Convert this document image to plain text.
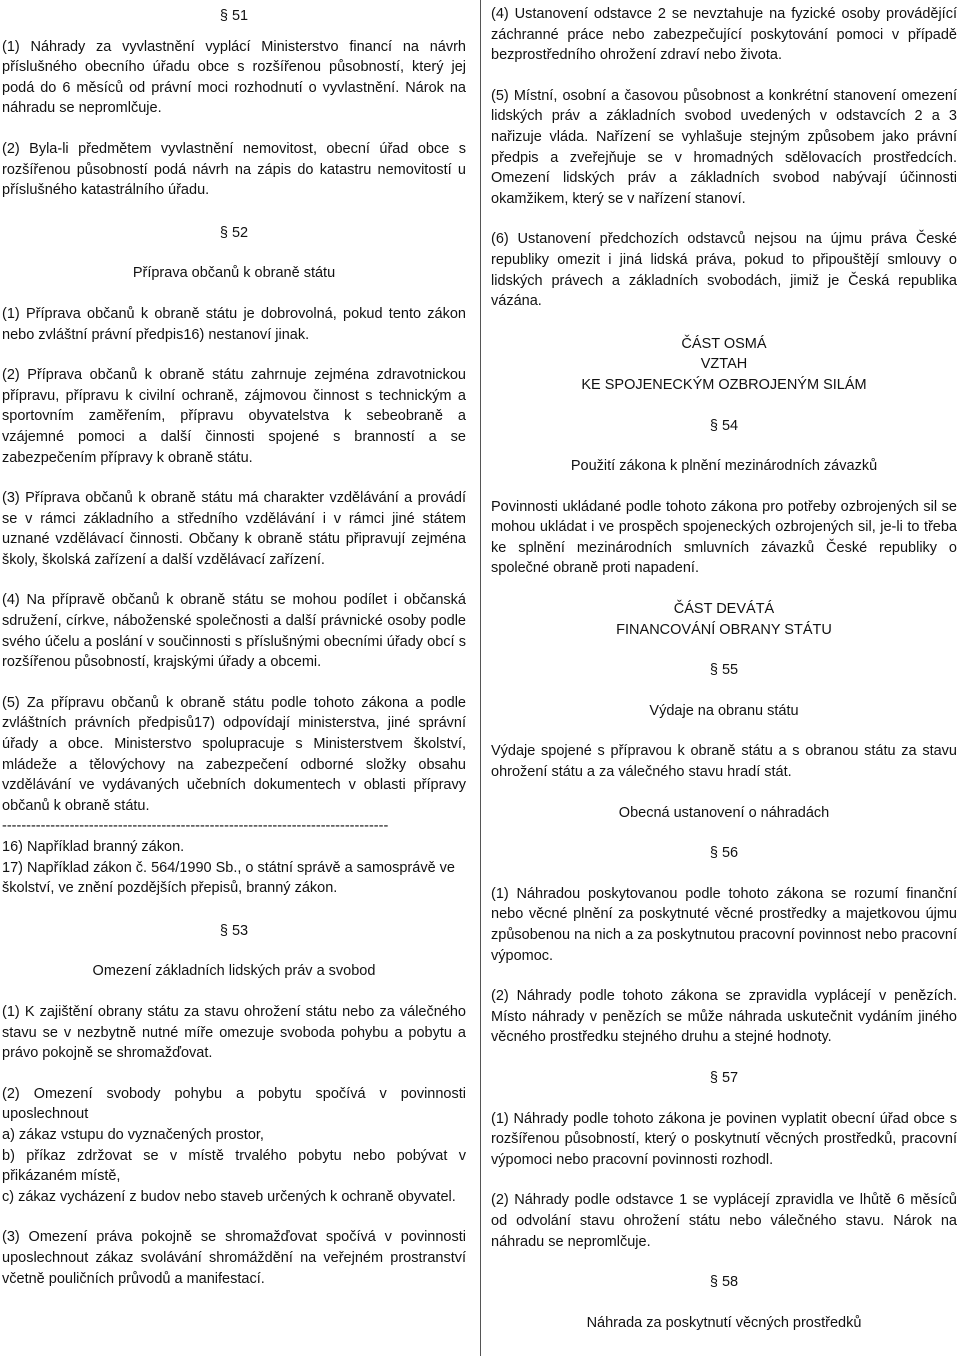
§ 51

(1) Náhrady za vyvlastnění vyplácí Ministerstvo financí na návrh příslušného obecního úřadu obce s rozšířenou působností, který jej podá do 6 měsíců od právní moci rozhodnutí o vyvlastnění. Nárok na náhradu se nepromlčuje.

(2) Byla-li předmětem vyvlastnění nemovitost, obecní úřad obce s rozšířenou působností podá návrh na zápis do katastru nemovitostí u příslušného katastrálního úřadu.

§ 52

Příprava občanů k obraně státu

(1) Příprava občanů k obraně státu je dobrovolná, pokud tento zákon nebo zvláštní právní předpis16) nestanoví jinak.

(2) Příprava občanů k obraně státu zahrnuje zejména zdravotnickou přípravu, přípravu k civilní ochraně, zájmovou činnost s technickým a sportovním zaměřením, přípravu obyvatelstva k sebeobraně a vzájemné pomoci a další činnosti spojené s branností a se zabezpečením přípravy k obraně státu.

(3) Příprava občanů k obraně státu má charakter vzdělávání a provádí se v rámci základního a středního vzdělávání i v rámci jiné státem uznané vzdělávací činnosti. Občany k obraně státu připravují zejména školy, školská zařízení a další vzdělávací zařízení.

(4) Na přípravě občanů k obraně státu se mohou podílet i občanská sdružení, církve, náboženské společnosti a další právnické osoby podle svého účelu a poslání v součinnosti s příslušnými obecními úřady obcí s rozšířenou působností, krajskými úřady a obcemi.

(5) Za přípravu občanů k obraně státu podle tohoto zákona a podle zvláštních právních předpisů17) odpovídají ministerstva, jiné správní úřady a obce. Ministerstvo spolupracuje s Ministerstvem školství, mládeže a tělovýchovy na zabezpečení odborné složky obsahu vzdělávání ve vydávaných učebních dokumentech v oblasti přípravy občanů k obraně státu.

--------------------------------------------------------------------------------

16) Například branný zákon.

17) Například zákon č. 564/1990 Sb., o státní správě a samosprávě ve školství, ve znění pozdějších přepisů, branný zákon.

§ 53

Omezení základních lidských práv a svobod

(1) K zajištění obrany státu za stavu ohrožení státu nebo za válečného stavu se v nezbytně nutné míře omezuje svoboda pohybu a pobytu a právo pokojně se shromažďovat.

(2) Omezení svobody pohybu a pobytu spočívá v povinnosti uposlechnout

a) zákaz vstupu do vyznačených prostor,

b) příkaz zdržovat se v místě trvalého pobytu nebo pobývat v přikázaném místě,

c) zákaz vycházení z budov nebo staveb určených k ochraně obyvatel.

(3) Omezení práva pokojně se shromažďovat spočívá v povinnosti uposlechnout zákaz svolávání shromáždění na veřejném prostranství včetně pouličních průvodů a manifestací.

(4) Ustanovení odstavce 2 se nevztahuje na fyzické osoby provádějící záchranné práce nebo zabezpečující poskytování pomoci v případě bezprostředního ohrožení zdraví nebo života.

(5) Místní, osobní a časovou působnost a konkrétní stanovení omezení lidských práv a základních svobod uvedených v odstavcích 2 a 3 nařizuje vláda. Nařízení se vyhlašuje stejným způsobem jako právní předpis a zveřejňuje se v hromadných sdělovacích prostředcích. Omezení lidských práv a základních svobod nabývají účinnosti okamžikem, který se v nařízení stanoví.

(6) Ustanovení předchozích odstavců nejsou na újmu práva České republiky omezit i jiná lidská práva, pokud to připouštějí smlouvy o lidských právech a základních svobodách, jimiž je Česká republika vázána.

ČÁST OSMÁ

VZTAH

KE SPOJENECKÝM OZBROJENÝM SILÁM

§ 54

Použití zákona k plnění mezinárodních závazků

Povinnosti ukládané podle tohoto zákona pro potřeby ozbrojených sil se mohou ukládat i ve prospěch spojeneckých ozbrojených sil, je-li to třeba ke splnění mezinárodních smluvních závazků České republiky o společné obraně proti napadení.

ČÁST DEVÁTÁ

FINANCOVÁNÍ OBRANY STÁTU

§ 55

Výdaje na obranu státu

Výdaje spojené s přípravou k obraně státu a s obranou státu za stavu ohrožení státu a za válečného stavu hradí stát.

Obecná ustanovení o náhradách

§ 56

(1) Náhradou poskytovanou podle tohoto zákona se rozumí finanční nebo věcné plnění za poskytnuté věcné prostředky a majetkovou újmu způsobenou na nich a za poskytnutou pracovní povinnost nebo pracovní výpomoc.

(2) Náhrady podle tohoto zákona se zpravidla vyplácejí v penězích. Místo náhrady v penězích se může náhrada uskutečnit vydáním jiného věcného prostředku stejného druhu a stejné hodnoty.

§ 57

(1) Náhrady podle tohoto zákona je povinen vyplatit obecní úřad obce s rozšířenou působností, který o poskytnutí věcných prostředků, pracovní výpomoci nebo pracovní povinnosti rozhodl.

(2) Náhrady podle odstavce 1 se vyplácejí zpravidla ve lhůtě 6 měsíců od odvolání stavu ohrožení státu nebo válečného stavu. Nárok na náhradu se nepromlčuje.

§ 58

Náhrada za poskytnutí věcných prostředků
